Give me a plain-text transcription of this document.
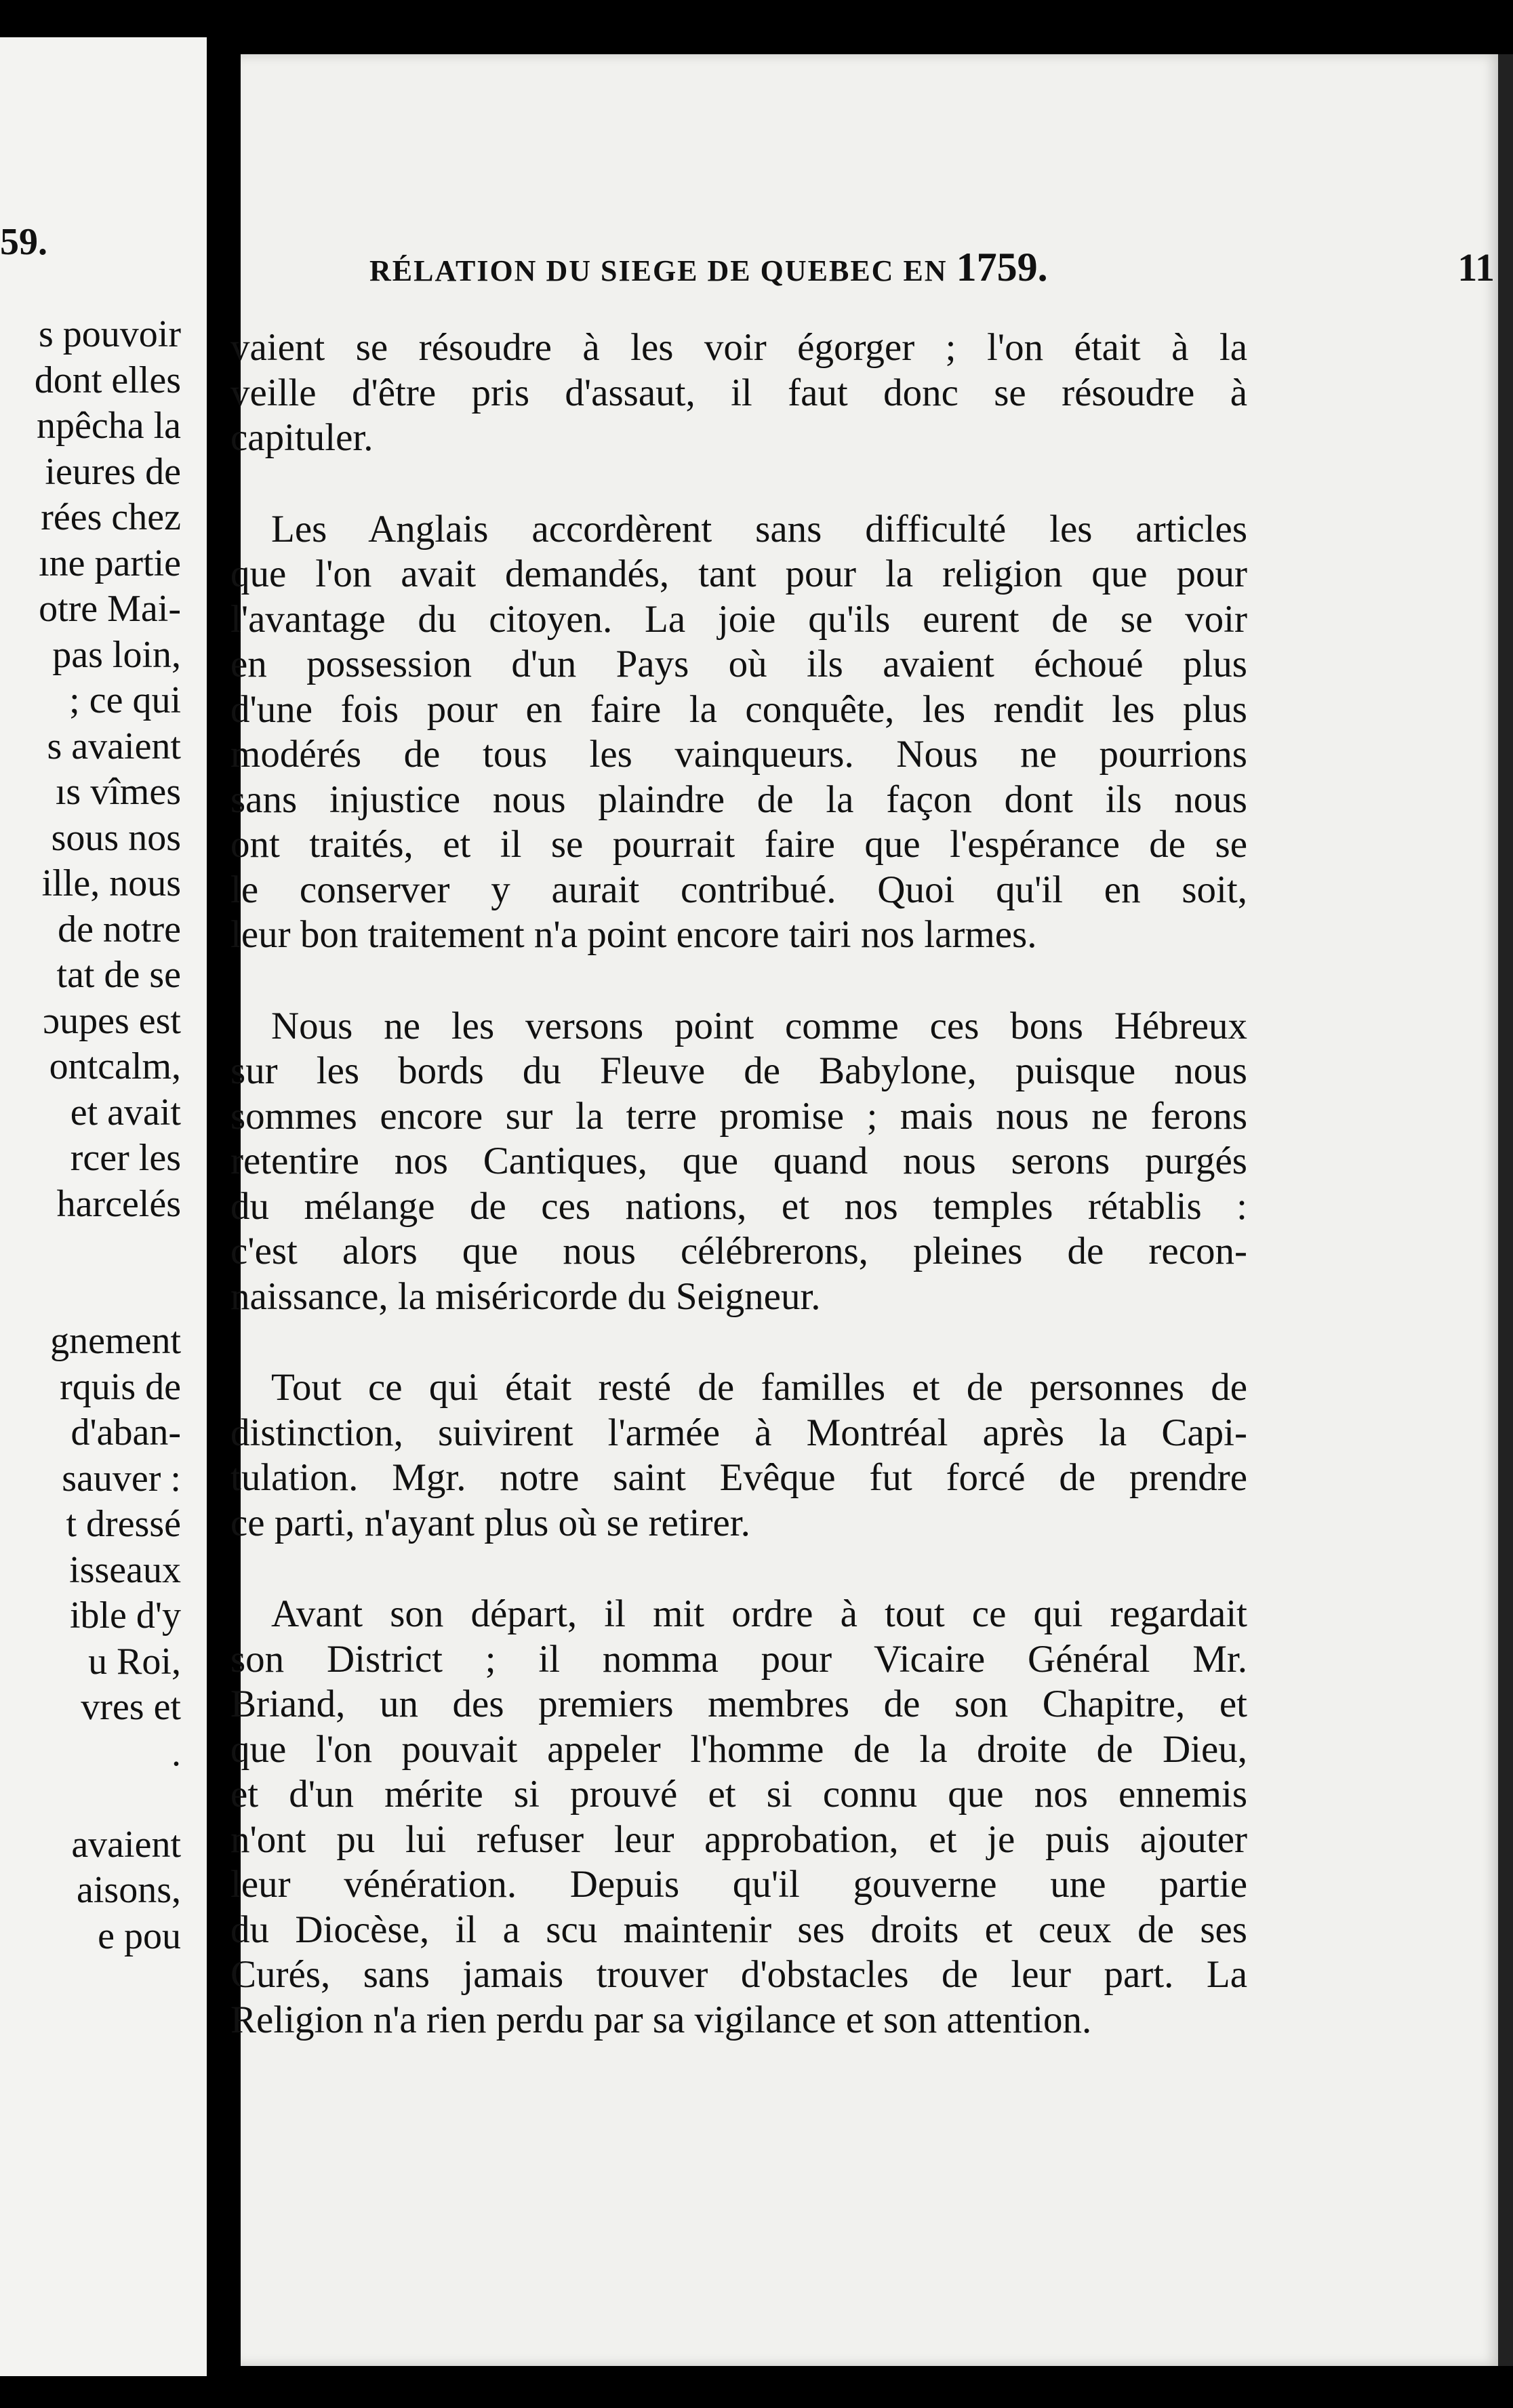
59.
s pouvoir
dont elles
npêcha la
ieures de
rées chez
ıne partie
otre Mai-
pas loin,
; ce qui
s avaient
ıs vîmes
sous nos
ille, nous
de notre
tat de se
ɔupes est
ontcalm,
et avait
rcer les
harcelés

gnement
rquis de
d'aban-
sauver :
t dressé
isseaux
ible d'y
u Roi,
vres et
.

avaient
aisons,
e pou
RÉLATION DU SIEGE DE QUEBEC EN 1759.	11
vaient se résoudre à les voir égorger ; l'on était à la
veille d'être pris d'assaut, il faut donc se résoudre à
capituler.
Les Anglais accordèrent sans difficulté les articles
que l'on avait demandés, tant pour la religion que pour
l'avantage du citoyen. La joie qu'ils eurent de se voir
en possession d'un Pays où ils avaient échoué plus
d'une fois pour en faire la conquête, les rendit les plus
modérés de tous les vainqueurs. Nous ne pourrions
sans injustice nous plaindre de la façon dont ils nous
ont traités, et il se pourrait faire que l'espérance de se
le conserver y aurait contribué. Quoi qu'il en soit,
leur bon traitement n'a point encore tairi nos larmes.
Nous ne les versons point comme ces bons Hébreux
sur les bords du Fleuve de Babylone, puisque nous
sommes encore sur la terre promise ; mais nous ne ferons
retentire nos Cantiques, que quand nous serons purgés
du mélange de ces nations, et nos temples rétablis :
c'est alors que nous célébrerons, pleines de recon-
naissance, la miséricorde du Seigneur.
Tout ce qui était resté de familles et de personnes de
distinction, suivirent l'armée à Montréal après la Capi-
tulation. Mgr. notre saint Evêque fut forcé de prendre
ce parti, n'ayant plus où se retirer.
Avant son départ, il mit ordre à tout ce qui regardait
son District ; il nomma pour Vicaire Général Mr.
Briand, un des premiers membres de son Chapitre, et
que l'on pouvait appeler l'homme de la droite de Dieu,
et d'un mérite si prouvé et si connu que nos ennemis
n'ont pu lui refuser leur approbation, et je puis ajouter
leur vénération. Depuis qu'il gouverne une partie
du Diocèse, il a scu maintenir ses droits et ceux de ses
Curés, sans jamais trouver d'obstacles de leur part. La
Religion n'a rien perdu par sa vigilance et son attention.
